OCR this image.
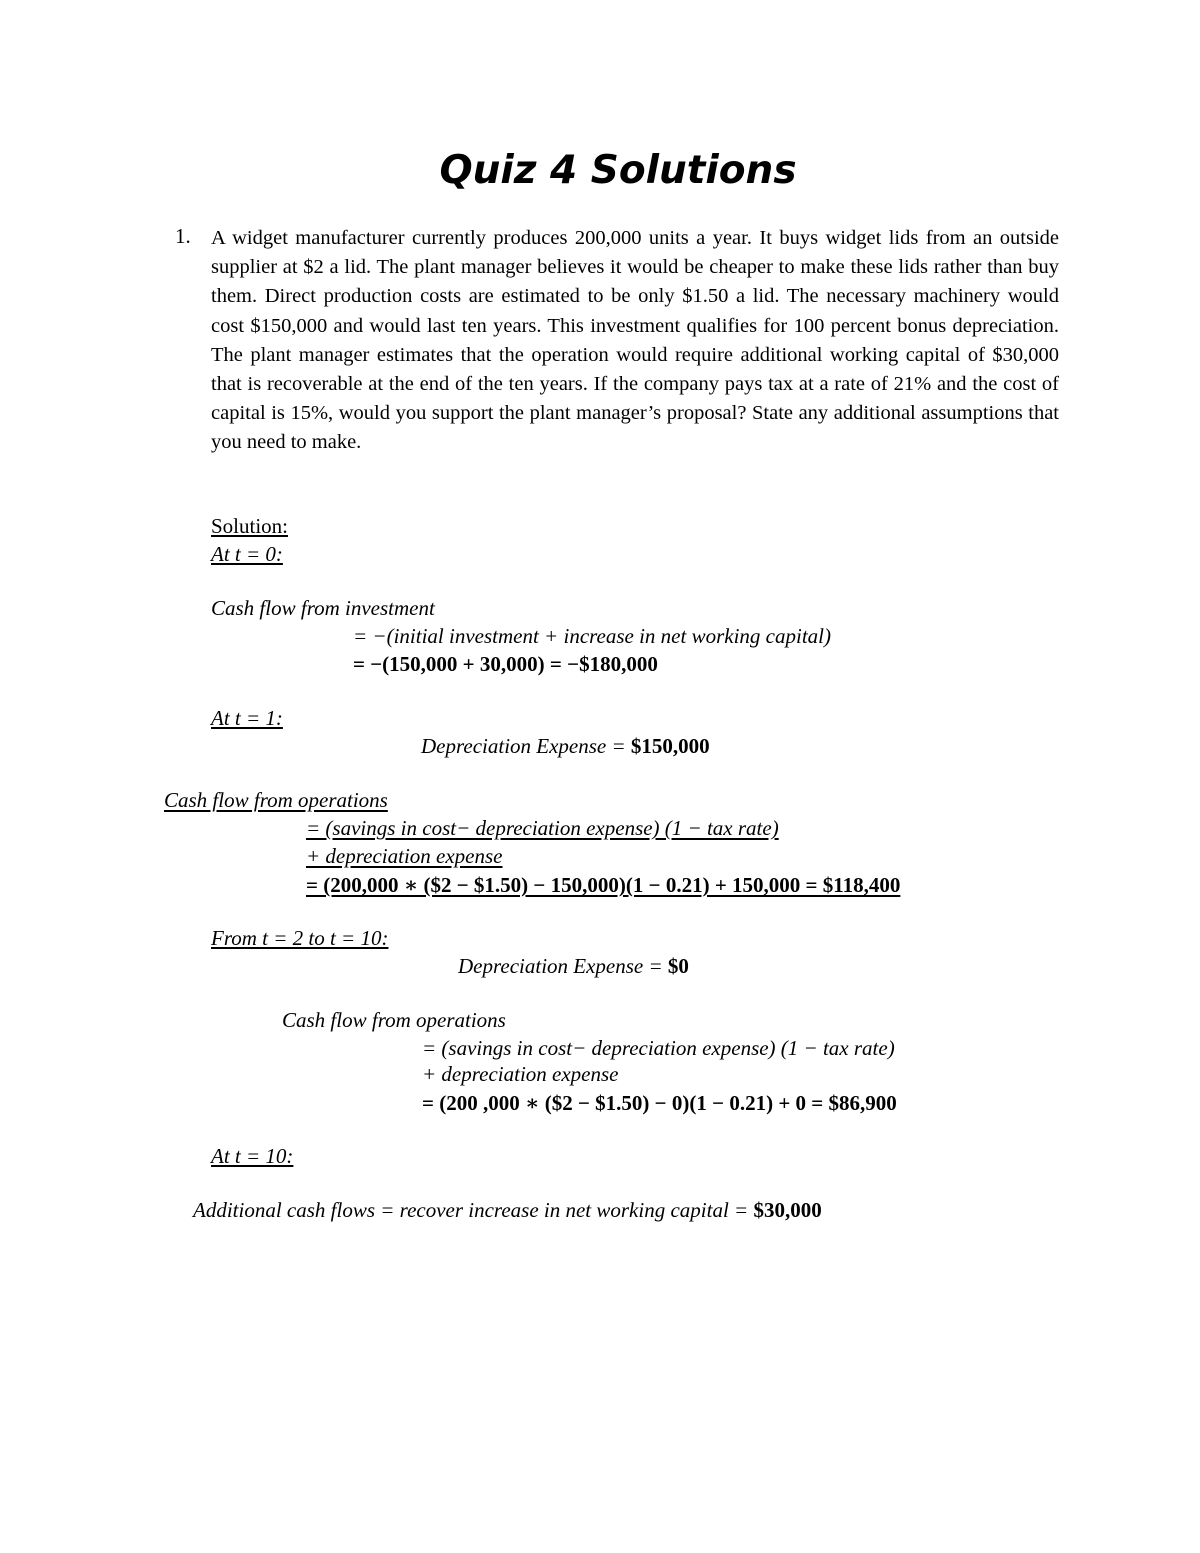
Quiz 4 Solutions
1. A widget manufacturer currently produces 200,000 units a year. It buys widget lids from an outside supplier at $2 a lid. The plant manager believes it would be cheaper to make these lids rather than buy them. Direct production costs are estimated to be only $1.50 a lid. The necessary machinery would cost $150,000 and would last ten years. This investment qualifies for 100 percent bonus depreciation. The plant manager estimates that the operation would require additional working capital of $30,000 that is recoverable at the end of the ten years. If the company pays tax at a rate of 21% and the cost of capital is 15%, would you support the plant manager’s proposal? State any additional assumptions that you need to make.
Solution:
At t = 0:
Cash flow from investment
= −(initial investment + increase in net working capital)
= −(150,000 + 30,000) = −$180,000
At t = 1:
Depreciation Expense = $150,000
Cash flow from operations
= (savings in cost− depreciation expense) (1 − tax rate)
+ depreciation expense
= (200,000 ∗ ($2 − $1.50) − 150,000)(1 − 0.21) + 150,000 = $118,400
From t = 2 to t = 10:
Depreciation Expense = $0
Cash flow from operations
= (savings in cost− depreciation expense) (1 − tax rate)
+ depreciation expense
= (200 ,000 ∗ ($2 − $1.50) − 0)(1 − 0.21) + 0 = $86,900
At t = 10:
Additional cash flows = recover increase in net working capital = $30,000
